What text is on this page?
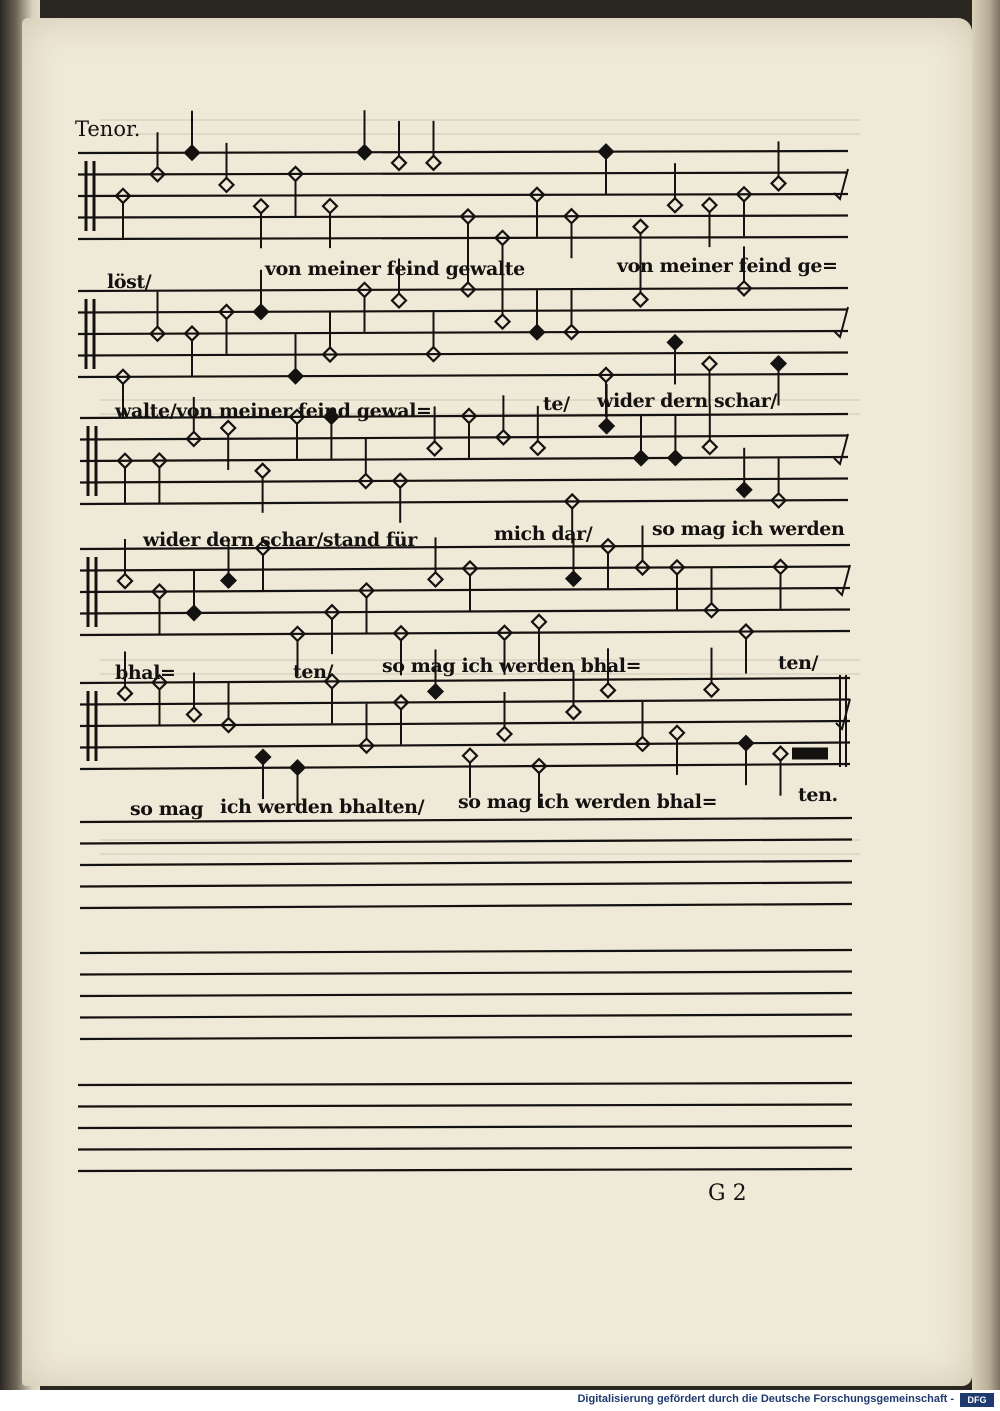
Tenor.
löst/
von meiner feind gewalte	von meiner feind ge=
walte/von meiner feind gewal=	te/ wider dern schar/
wider dern schar/stand für	mich dar/	so mag ich werden
bhal=	ten/	so mag ich werden bhal=	ten/
so mag ich werden bhalten/ so mag ich werden bhal=	ten.
G 2
Digitalisierung gefördert durch die Deutsche Forschungsgemeinschaft -	DFG
